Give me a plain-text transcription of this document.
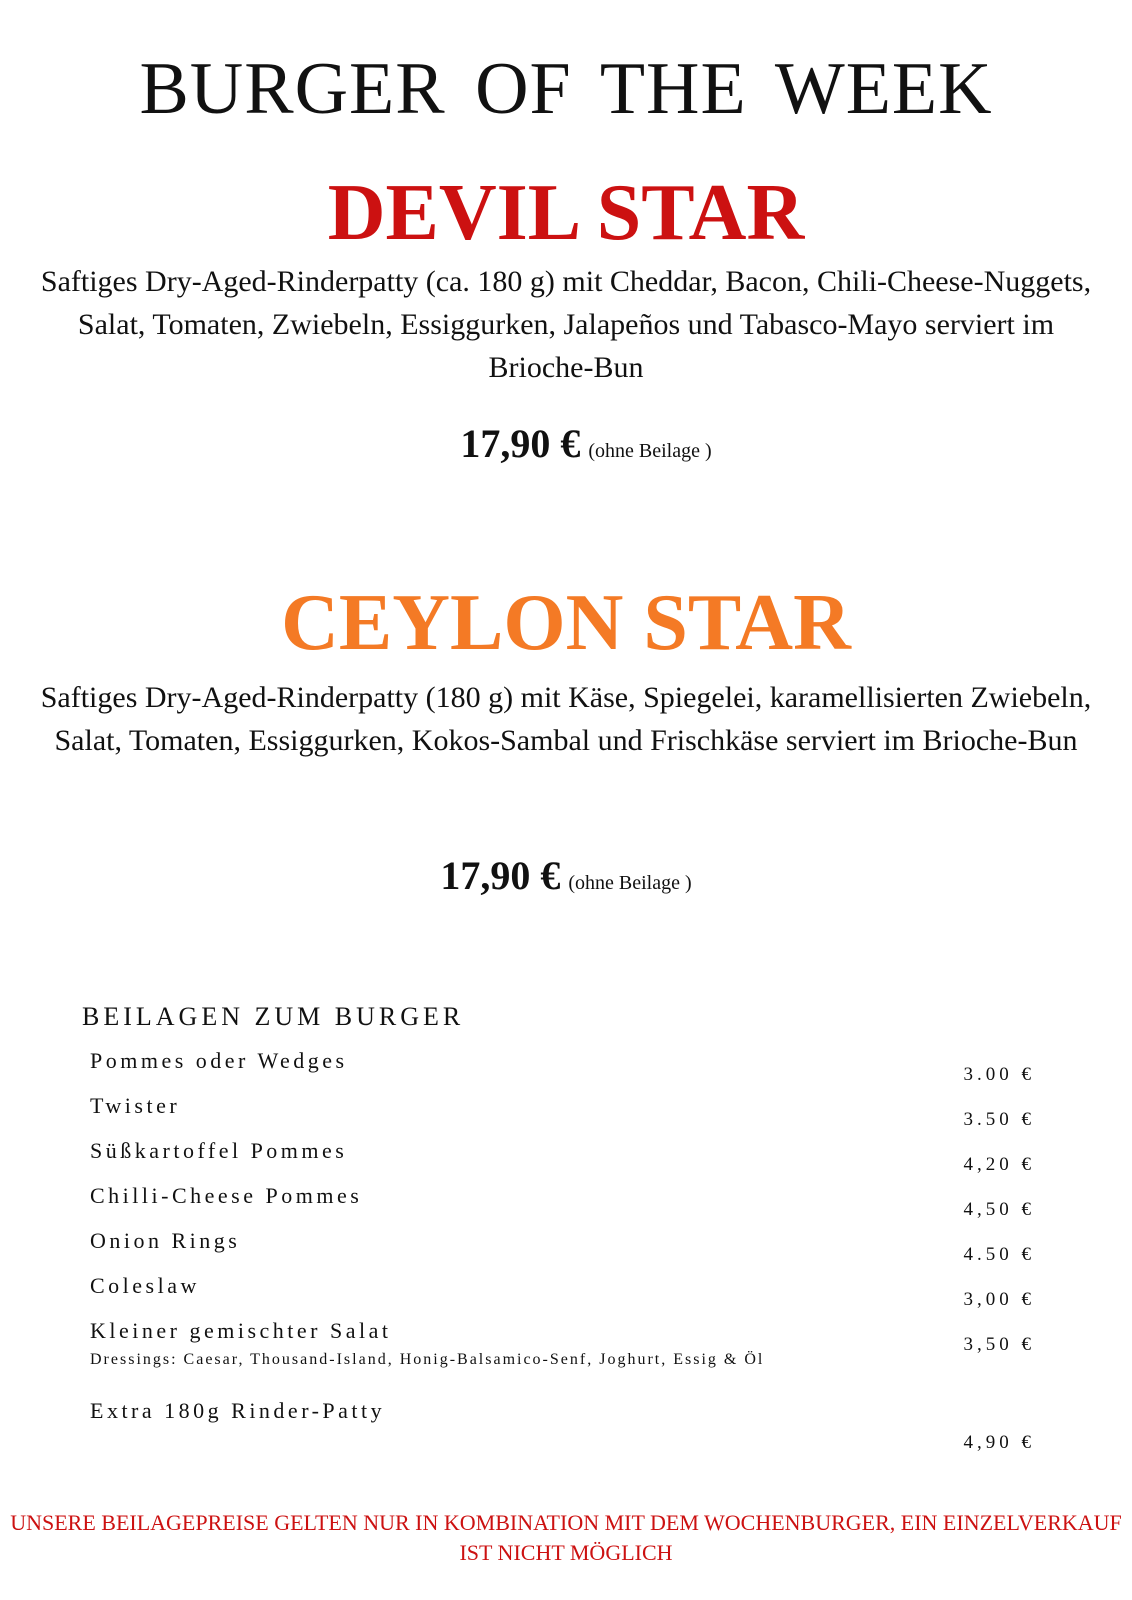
BURGER OF THE WEEK
DEVIL STAR
Saftiges Dry-Aged-Rinderpatty (ca. 180 g) mit Cheddar, Bacon, Chili-Cheese-Nuggets, Salat, Tomaten, Zwiebeln, Essiggurken, Jalapeños und Tabasco-Mayo serviert im Brioche-Bun
17,90 € (ohne Beilage )
CEYLON STAR
Saftiges Dry-Aged-Rinderpatty (180 g) mit Käse, Spiegelei, karamellisierten Zwiebeln, Salat, Tomaten, Essiggurken, Kokos-Sambal und Frischkäse serviert im Brioche-Bun
17,90 € (ohne Beilage )
BEILAGEN ZUM BURGER
Pommes oder Wedges
3.00 €
Twister
3.50 €
Süßkartoffel Pommes
4,20 €
Chilli-Cheese Pommes
4,50 €
Onion Rings
4.50 €
Coleslaw
3,00 €
Kleiner gemischter Salat
3,50 €
Dressings: Caesar, Thousand-Island, Honig-Balsamico-Senf, Joghurt, Essig & Öl
Extra 180g Rinder-Patty
4,90 €
UNSERE BEILAGEPREISE GELTEN NUR IN KOMBINATION MIT DEM WOCHENBURGER, EIN EINZELVERKAUF IST NICHT MÖGLICH
